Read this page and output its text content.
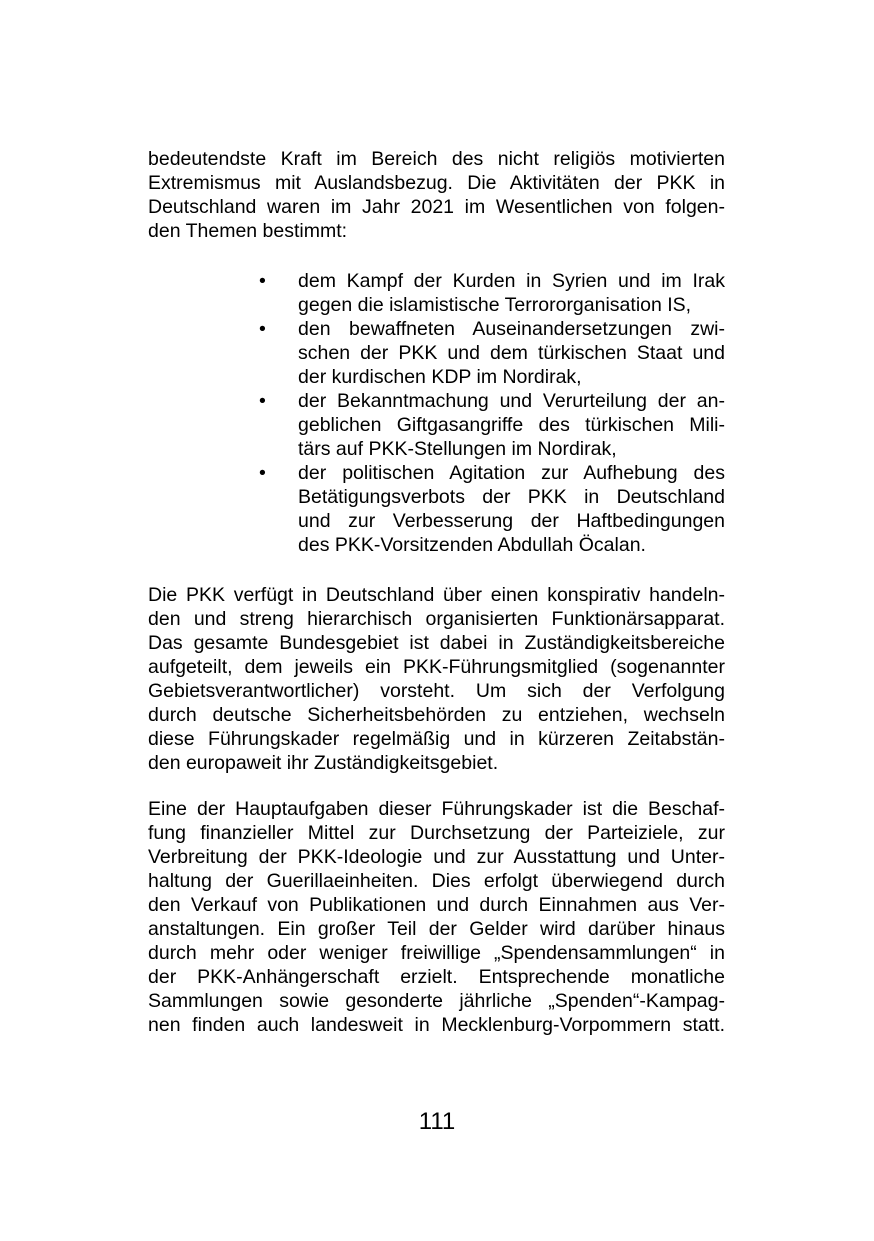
bedeutendste Kraft im Bereich des nicht religiös motivierten
Extremismus mit Auslandsbezug. Die Aktivitäten der PKK in
Deutschland waren im Jahr 2021 im Wesentlichen von folgen-
den Themen bestimmt:
• dem Kampf der Kurden in Syrien und im Irak
gegen die islamistische Terrororganisation IS,
• den bewaffneten Auseinandersetzungen zwi-
schen der PKK und dem türkischen Staat und
der kurdischen KDP im Nordirak,
• der Bekanntmachung und Verurteilung der an-
geblichen Giftgasangriffe des türkischen Mili-
tärs auf PKK-Stellungen im Nordirak,
• der politischen Agitation zur Aufhebung des
Betätigungsverbots der PKK in Deutschland
und zur Verbesserung der Haftbedingungen
des PKK-Vorsitzenden Abdullah Öcalan.
Die PKK verfügt in Deutschland über einen konspirativ handeln-
den und streng hierarchisch organisierten Funktionärsapparat.
Das gesamte Bundesgebiet ist dabei in Zuständigkeitsbereiche
aufgeteilt, dem jeweils ein PKK-Führungsmitglied (sogenannter
Gebietsverantwortlicher) vorsteht. Um sich der Verfolgung
durch deutsche Sicherheitsbehörden zu entziehen, wechseln
diese Führungskader regelmäßig und in kürzeren Zeitabstän-
den europaweit ihr Zuständigkeitsgebiet.
Eine der Hauptaufgaben dieser Führungskader ist die Beschaf-
fung finanzieller Mittel zur Durchsetzung der Parteiziele, zur
Verbreitung der PKK-Ideologie und zur Ausstattung und Unter-
haltung der Guerillaeinheiten. Dies erfolgt überwiegend durch
den Verkauf von Publikationen und durch Einnahmen aus Ver-
anstaltungen. Ein großer Teil der Gelder wird darüber hinaus
durch mehr oder weniger freiwillige „Spendensammlungen“ in
der PKK-Anhängerschaft erzielt. Entsprechende monatliche
Sammlungen sowie gesonderte jährliche „Spenden“-Kampag-
nen finden auch landesweit in Mecklenburg-Vorpommern statt.
111
